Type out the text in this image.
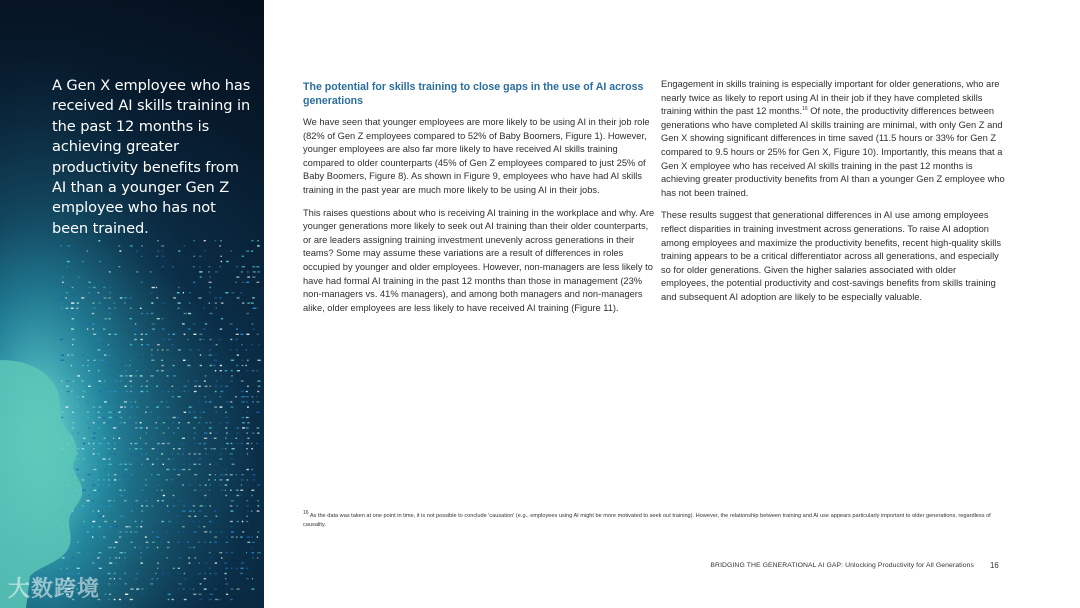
A Gen X employee who has received AI skills training in the past 12 months is achieving greater productivity benefits from AI than a younger Gen Z employee who has not been trained.
大数跨境
The potential for skills training to close gaps in the use of AI across generations

We have seen that younger employees are more likely to be using AI in their job role (82% of Gen Z employees compared to 52% of Baby Boomers, Figure 1). However, younger employees are also far more likely to have received AI skills training compared to older counterparts (45% of Gen Z employees compared to just 25% of Baby Boomers, Figure 8). As shown in Figure 9, employees who have had AI skills training in the past year are much more likely to be using AI in their jobs.

This raises questions about who is receiving AI training in the workplace and why. Are younger generations more likely to seek out AI training than their older counterparts, or are leaders assigning training investment unevenly across generations in their teams? Some may assume these variations are a result of differences in roles occupied by younger and older employees. However, non-managers are less likely to have had formal AI training in the past 12 months than those in management (23% non-managers vs. 41% managers), and among both managers and non-managers alike, older employees are less likely to have received AI training (Figure 11).

Engagement in skills training is especially important for older generations, who are nearly twice as likely to report using AI in their job if they have completed skills training within the past 12 months.$^{16}$ Of note, the productivity differences between generations who have completed AI skills training are minimal, with only Gen Z and Gen X showing significant differences in time saved (11.5 hours or 33% for Gen Z compared to 9.5 hours or 25% for Gen X, Figure 10). Importantly, this means that a Gen X employee who has received AI skills training in the past 12 months is achieving greater productivity benefits from AI than a younger Gen Z employee who has not been trained.

These results suggest that generational differences in AI use among employees reflect disparities in training investment across generations. To raise AI adoption among employees and maximize the productivity benefits, recent high-quality skills training appears to be a critical differentiator across all generations, and especially so for older generations. Given the higher salaries associated with older employees, the potential productivity and cost-savings benefits from skills training and subsequent AI adoption are likely to be especially valuable.

$^{16}$ As the data was taken at one point in time, it is not possible to conclude 'causation' (e.g., employees using AI might be more motivated to seek out training). However, the relationship between training and AI use appears particularly important to older generations, regardless of causality.
BRIDGING THE GENERATIONAL AI GAP: Unlocking Productivity for All Generations 16
